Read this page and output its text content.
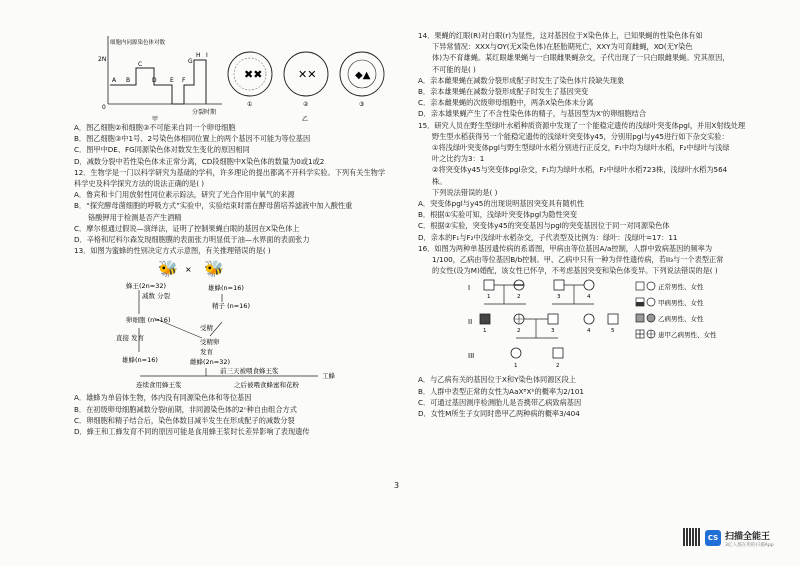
细胞内同源染色体对数
2N
0
A B
C
D E F
G
H I
分裂时期
甲
✖✖	✕✕	◆▲
①	②	③
乙
A．图乙细胞②和细胞③不可能来自同一个卵母细胞
B．图乙细胞③中1号、2号染色体相同位置上的两个基因不可能为等位基因
C．图甲中DE、FG同源染色体对数发生变化的原因相同
D．减数分裂中若性染色体未正常分离，CD段细胞中X染色体的数量为0或1或2
12．生物学是一门以科学研究为基础的学科，许多理论的提出都离不开科学实验。下列有关生物学
科学史及科学探究方法的说法正确的是( )
A．鲁宾和卡门用放射性同位素示踪法，研究了光合作用中氧气的来源
B．“探究酵母菌细胞的呼吸方式”实验中，实验结束时需在酵母菌培养滤液中加入酸性重
铬酸钾用于检测是否产生酒精
C．摩尔根通过假说—演绎法，证明了控制果蝇白眼的基因在X染色体上
D．辛格和尼科尔森发现细胞膜的表面张力明显低于油—水界面的表面张力
13．如图为蜜蜂的性别决定方式示意图，有关推理错误的是( )
🐝 × 🐝
蜂王(2n=32)	雄蜂(n=16)
减数 分裂
卵细胞 (n=16)
精子 (n=16)
受精
受精卵
直接 发育
发育
雄蜂(n=16)	雌蜂(2n=32)
前三天被喂食蜂王浆
工蜂
连续食用蜂王浆	之后被喂食蜂蜜和花粉
A．雄蜂为单倍体生物，体内没有同源染色体和等位基因
B．在初级卵母细胞减数分裂I前期，非同源染色体的2ⁿ种自由组合方式
C．卵细胞和精子结合后，染色体数目减半发生在形成配子的减数分裂
D．蜂王和工蜂发育不同的原因可能是食用蜂王浆时长差异影响了表现遗传
14．果蝇的红眼(R)对白眼(r)为显性，这对基因位于X染色体上，已知果蝇的性染色体有如
下异常情况：XXX与OY(无X染色体)在胚胎期死亡，XXY为可育雌蝇，XO(无Y染色
体)为不育雄蝇。某红眼雄果蝇与一白眼雌果蝇杂交，子代出现了一只白眼雌果蝇。究其原因，
不可能的是( )
A．亲本雌果蝇在减数分裂形成配子时发生了染色体片段缺失现象
B．亲本雄果蝇在减数分裂形成配子时发生了基因突变
C．亲本雌果蝇的次级卵母细胞中，两条X染色体未分离
D．亲本雄果蝇产生了不含性染色体的精子，与基因型为X'的卵细胞结合
15．研究人员在野生型绿叶水稻种质资源中发现了一个能稳定遗传的浅绿叶突变体pgl，并用X射线处理
野生型水稻获得另一个能稳定遗传的浅绿叶突变体y45，分别用pgl与y45进行如下杂交实验：
①将浅绿叶突变体pgl与野生型绿叶水稻分别进行正反交，F₁中均为绿叶水稻，F₂中绿叶与浅绿
叶之比约为3：1
②将突变体y45与突变体pgl杂交，F₁均为绿叶水稻，F₂中绿叶水稻723株，浅绿叶水稻为564
株。
下列说法错误的是( )
A．突变体pgl与y45的出现说明基因突变具有随机性
B．根据①实验可知，浅绿叶突变体pgl为隐性突变
C．根据②实验，突变体y45的突变基因与pgl的突变基因位于同一对同源染色体
D．亲本的F₁与F₂中浅绿叶水稻杂交，子代表型及比例为：绿叶：浅绿叶=17：11
16．如图为两种单基因遗传病的系谱图，甲病由等位基因A/a控制，人群中致病基因的频率为
1/100，乙病由等位基因B/b控制。甲、乙病中只有一种为伴性遗传病，若II₃与一个表型正常
的女性(设为M)婚配，该女性已怀孕，不考虑基因突变和染色体变异。下列说法错误的是( )
I
II
III
1	2	3	4
1	2	3	4	5
1	2
正常男性、女性
甲病男性、女性
乙病男性、女性
患甲乙病男性、女性
A．与乙病有关的基因位于X和Y染色体同源区段上
B．人群中表型正常的女性为AaXᴮXᵇ的概率为2/101
C．可通过基因测序检测胎儿是否携带乙病致病基因
D．女性M所生子女同时患甲乙两种病的概率3/404
3
CS 扫描全能王
3亿人都在用的扫描App
